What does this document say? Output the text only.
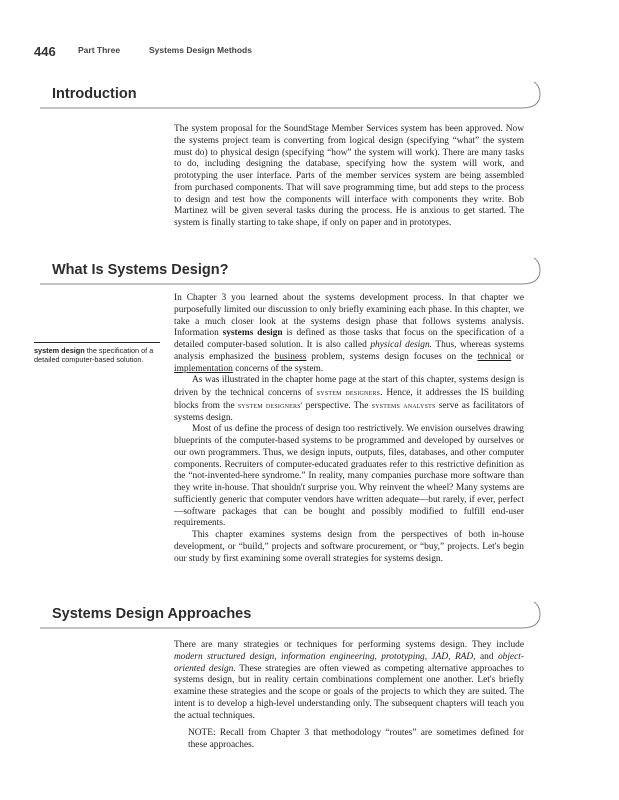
446	Part Three	Systems Design Methods
Introduction

The system proposal for the SoundStage Member Services system has been approved. Now the systems project team is converting from logical design (specifying “what” the system must do) to physical design (specifying “how” the system will work). There are many tasks to do, including designing the database, specifying how the system will work, and prototyping the user interface. Parts of the member services system are being assembled from purchased components. That will save programming time, but add steps to the process to design and test how the components will interface with components they write. Bob Martinez will be given several tasks during the process. He is anxious to get started. The system is finally starting to take shape, if only on paper and in prototypes.

What Is Systems Design?
system design the specification of a detailed computer-based solution.

In Chapter 3 you learned about the systems development process. In that chapter we purposefully limited our discussion to only briefly examining each phase. In this chapter, we take a much closer look at the systems design phase that follows systems analysis. Information systems design is defined as those tasks that focus on the specification of a detailed computer-based solution. It is also called physical design. Thus, whereas systems analysis emphasized the business problem, systems design focuses on the technical or implementation concerns of the system.

As was illustrated in the chapter home page at the start of this chapter, systems design is driven by the technical concerns of system designers. Hence, it addresses the IS building blocks from the system designers' perspective. The systems analysts serve as facilitators of systems design.

Most of us define the process of design too restrictively. We envision ourselves drawing blueprints of the computer-based systems to be programmed and developed by ourselves or our own programmers. Thus, we design inputs, outputs, files, databases, and other computer components. Recruiters of computer-educated graduates refer to this restrictive definition as the “not-invented-here syndrome.” In reality, many companies purchase more software than they write in-house. That shouldn't surprise you. Why reinvent the wheel? Many systems are sufficiently generic that computer vendors have written adequate—but rarely, if ever, perfect—software packages that can be bought and possibly modified to fulfill end-user requirements.

This chapter examines systems design from the perspectives of both in-house development, or “build,” projects and software procurement, or “buy,” projects. Let's begin our study by first examining some overall strategies for systems design.

Systems Design Approaches

There are many strategies or techniques for performing systems design. They include modern structured design, information engineering, prototyping, JAD, RAD, and object-oriented design. These strategies are often viewed as competing alternative approaches to systems design, but in reality certain combinations complement one another. Let's briefly examine these strategies and the scope or goals of the projects to which they are suited. The intent is to develop a high-level understanding only. The subsequent chapters will teach you the actual techniques.

NOTE: Recall from Chapter 3 that methodology “routes” are sometimes defined for these approaches.
